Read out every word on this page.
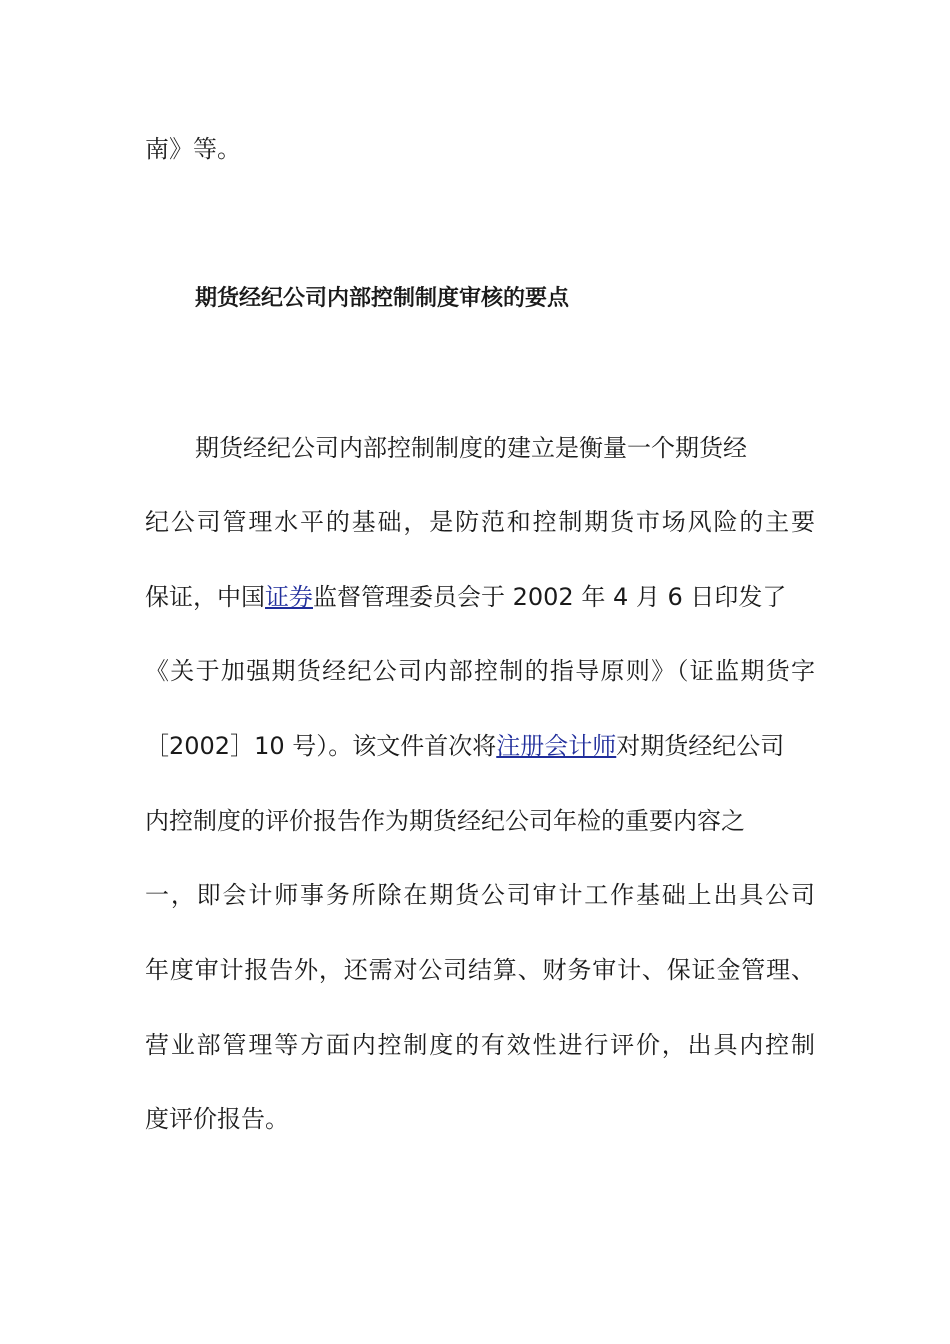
南》等。
期货经纪公司内部控制制度审核的要点
期货经纪公司内部控制制度的建立是衡量一个期货经
纪公司管理水平的基础，是防范和控制期货市场风险的主要
保证，中国证券监督管理委员会于 2002 年 4 月 6 日印发了
《关于加强期货经纪公司内部控制的指导原则》（证监期货字
［2002］10 号）。该文件首次将注册会计师对期货经纪公司
内控制度的评价报告作为期货经纪公司年检的重要内容之
一，即会计师事务所除在期货公司审计工作基础上出具公司
年度审计报告外，还需对公司结算、财务审计、保证金管理、
营业部管理等方面内控制度的有效性进行评价，出具内控制
度评价报告。
